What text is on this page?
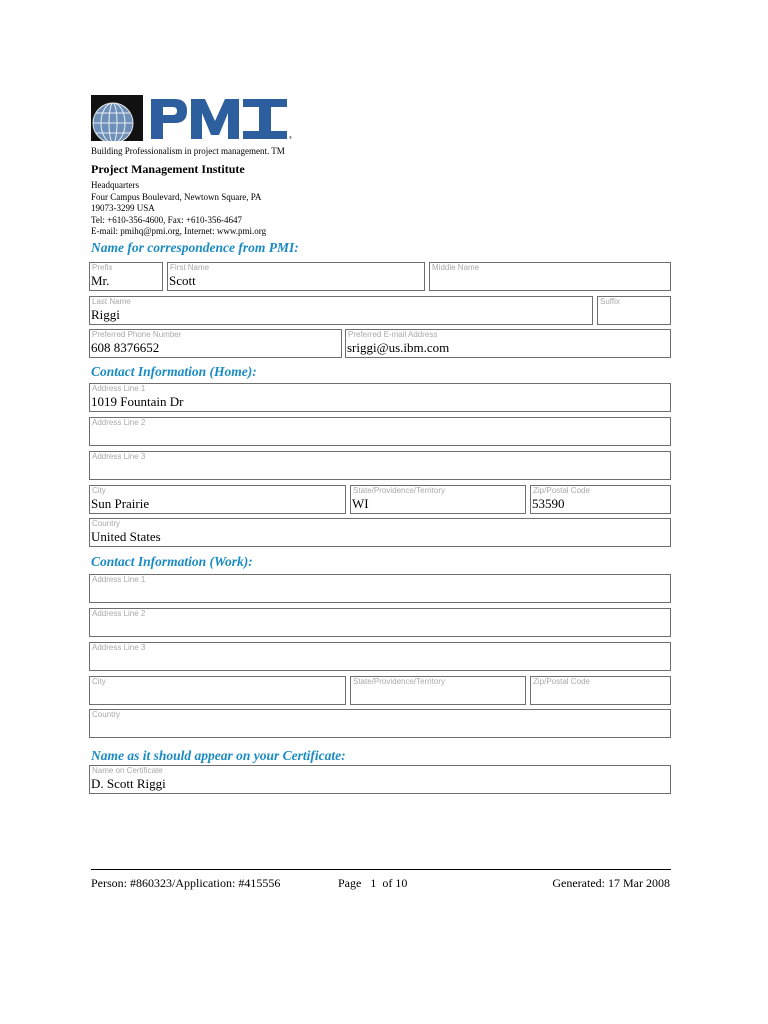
®
Building Professionalism in project management. TM
Project Management Institute
Headquarters
Four Campus Boulevard, Newtown Square, PA
19073-3299 USA
Tel: +610-356-4600, Fax: +610-356-4647
E-mail: pmihq@pmi.org, Internet: www.pmi.org
Name for correspondence from PMI:
Prefix
Mr.
First Name
Scott
Middle Name
Last Name
Riggi
Suffix
Preferred Phone Number
608 8376652
Preferred E-mail Address
sriggi@us.ibm.com
Contact Information (Home):
Address Line 1
1019 Fountain Dr
Address Line 2
Address Line 3
City
Sun Prairie
State/Providence/Territory
WI
Zip/Postal Code
53590
Country
United States
Contact Information (Work):
Address Line 1
Address Line 2
Address Line 3
City	State/Providence/Territory	Zip/Postal Code
Country
Name as it should appear on your Certificate:
Name on Certificate
D. Scott Riggi
Person: #860323/Application: #415556	Page 1 of 10	Generated: 17 Mar 2008
